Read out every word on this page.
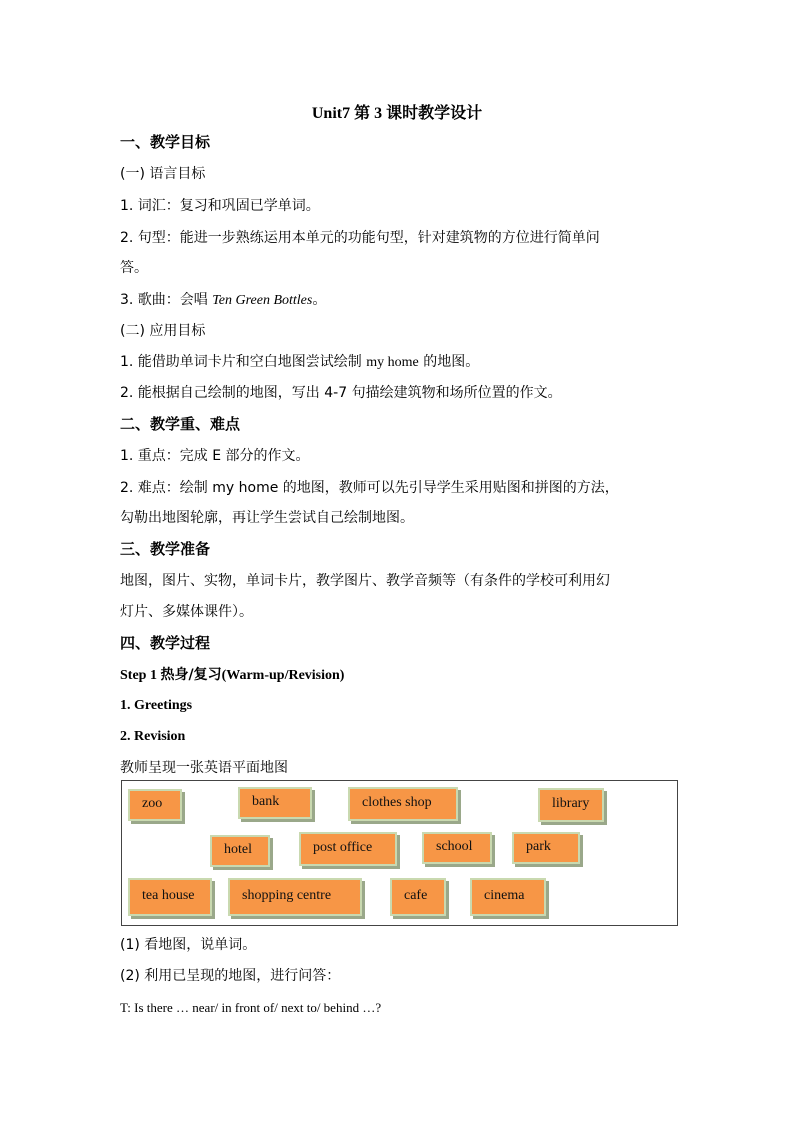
Unit7 第 3 课时教学设计
一、教学目标
(一) 语言目标
1. 词汇：复习和巩固已学单词。
2. 句型：能进一步熟练运用本单元的功能句型，针对建筑物的方位进行简单问
答。
3. 歌曲：会唱 Ten Green Bottles。
(二) 应用目标
1. 能借助单词卡片和空白地图尝试绘制 my home 的地图。
2. 能根据自己绘制的地图，写出 4-7 句描绘建筑物和场所位置的作文。
二、教学重、难点
1. 重点：完成 E 部分的作文。
2. 难点：绘制 my home 的地图，教师可以先引导学生采用贴图和拼图的方法，
勾勒出地图轮廓，再让学生尝试自己绘制地图。
三、教学准备
地图，图片、实物，单词卡片，教学图片、教学音频等（有条件的学校可利用幻
灯片、多媒体课件）。
四、教学过程
Step 1 热身/复习(Warm-up/Revision)
1. Greetings
2. Revision
教师呈现一张英语平面地图
zoo	bank	clothes shop	library
hotel	post office	school	park
tea house	shopping centre	cafe	cinema
(1) 看地图，说单词。
(2) 利用已呈现的地图，进行问答：
T: Is there … near/ in front of/ next to/ behind …?
